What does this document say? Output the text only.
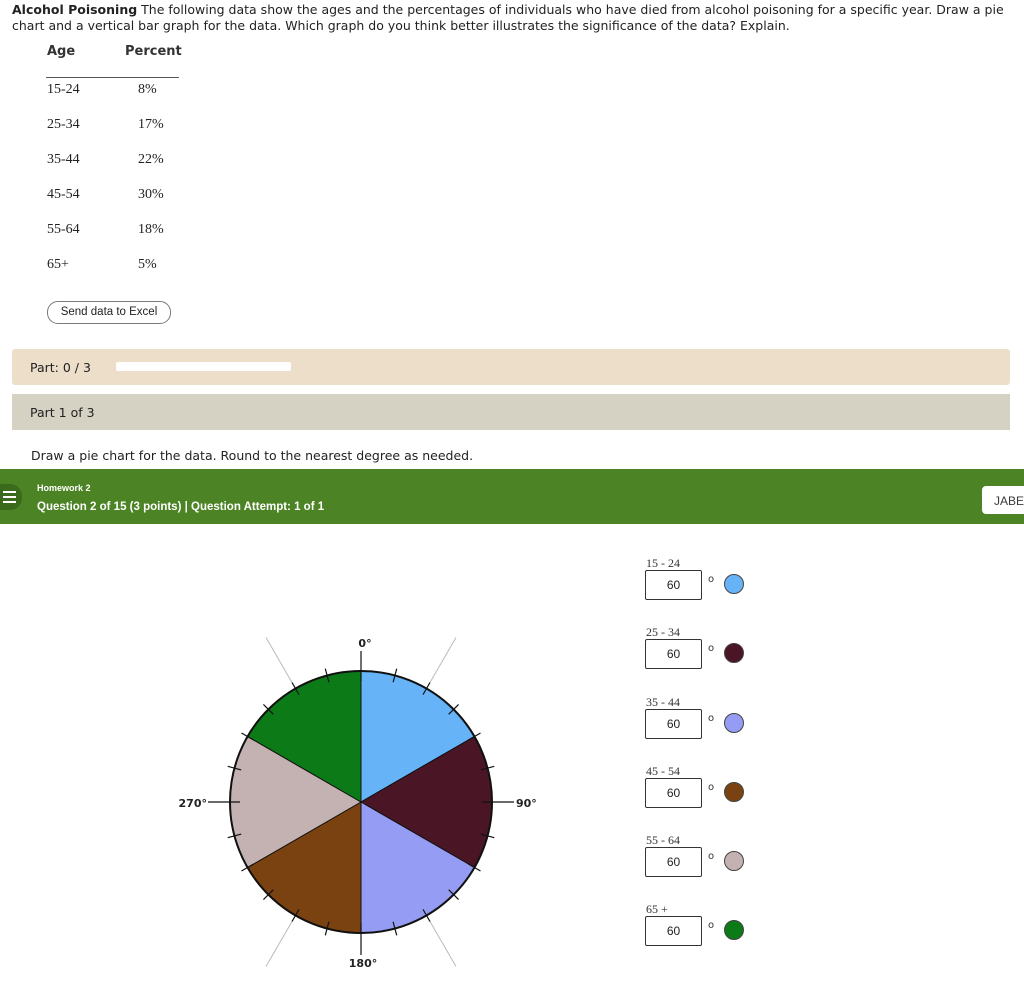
Alcohol Poisoning The following data show the ages and the percentages of individuals who have died from alcohol poisoning for a specific year. Draw a pie chart and a vertical bar graph for the data. Which graph do you think better illustrates the significance of the data? Explain.
Age	Percent
15-24	8%
25-34	17%
35-44	22%
45-54	30%
55-64	18%
65+	5%
Send data to Excel
Part: 0 / 3
Part 1 of 3
Draw a pie chart for the data. Round to the nearest degree as needed.
Homework 2
Question 2 of 15 (3 points) | Question Attempt: 1 of 1	JABE
0°
90°
180°
270°
15 - 24
60	o
25 - 34
60	o
35 - 44
60	o
45 - 54
60	o
55 - 64
60	o
65 +
60	o
